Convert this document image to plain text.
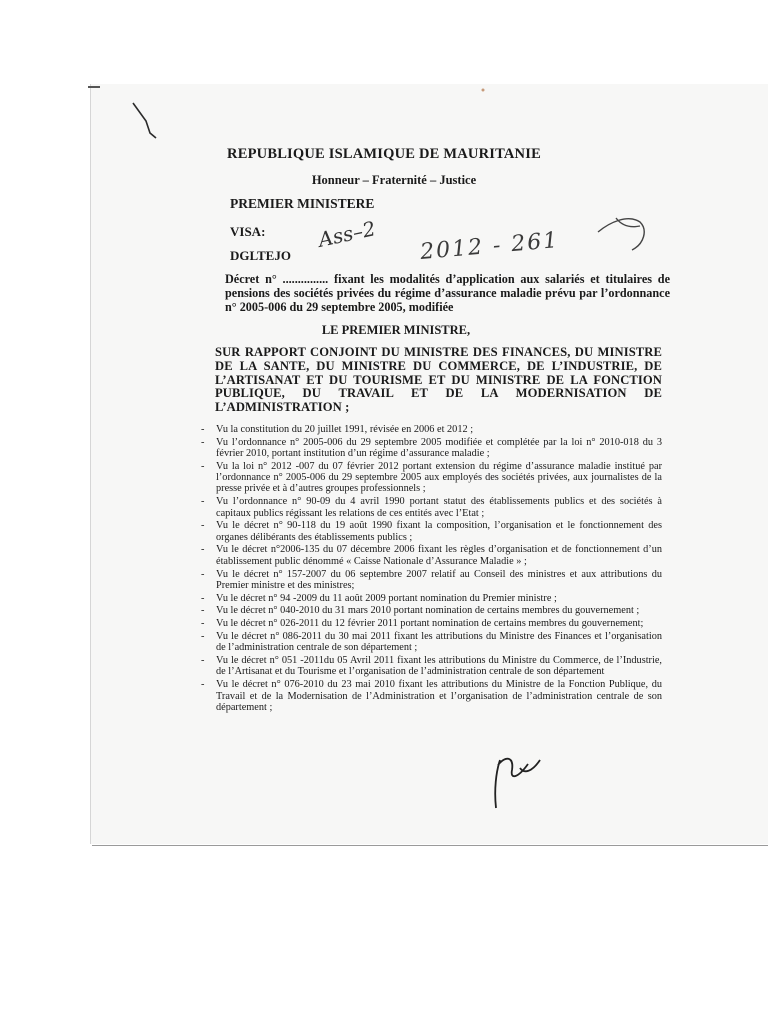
REPUBLIQUE ISLAMIQUE DE MAURITANIE
Honneur – Fraternité – Justice
PREMIER MINISTERE
VISA:
DGLTEJO
Ass–2 2012 - 261
Décret n° ............... fixant les modalités d’application aux salariés et titulaires de pensions des sociétés privées du régime d’assurance maladie prévu par l’ordonnance n° 2005-006 du 29 septembre 2005, modifiée
LE PREMIER MINISTRE,
SUR RAPPORT CONJOINT DU MINISTRE DES FINANCES, DU MINISTRE DE LA SANTE, DU MINISTRE DU COMMERCE, DE L’INDUSTRIE, DE L’ARTISANAT ET DU TOURISME ET DU MINISTRE DE LA FONCTION PUBLIQUE, DU TRAVAIL ET DE LA MODERNISATION DE L’ADMINISTRATION ;
- Vu la constitution du 20 juillet 1991, révisée en 2006 et 2012 ;
- Vu l’ordonnance n° 2005-006 du 29 septembre 2005 modifiée et complétée par la loi n° 2010-018 du 3 février 2010, portant institution d’un régime d’assurance maladie ;
- Vu la loi n° 2012 -007 du 07 février 2012 portant extension du régime d’assurance maladie institué par l’ordonnance n° 2005-006 du 29 septembre 2005 aux employés des sociétés privées, aux journalistes de la presse privée et à d’autres groupes professionnels ;
- Vu l’ordonnance n° 90-09 du 4 avril 1990 portant statut des établissements publics et des sociétés à capitaux publics régissant les relations de ces entités avec l’Etat ;
- Vu le décret n° 90-118 du 19 août 1990 fixant la composition, l’organisation et le fonctionnement des organes délibérants des établissements publics ;
- Vu le décret n°2006-135 du 07 décembre 2006 fixant les règles d’organisation et de fonctionnement d’un établissement public dénommé « Caisse Nationale d’Assurance Maladie » ;
- Vu le décret n° 157-2007 du 06 septembre 2007 relatif au Conseil des ministres et aux attributions du Premier ministre et des ministres;
- Vu le décret n° 94 -2009 du 11 août 2009 portant nomination du Premier ministre ;
- Vu le décret n° 040-2010 du 31 mars 2010 portant nomination de certains membres du gouvernement ;
- Vu le décret n° 026-2011 du 12 février 2011 portant nomination de certains membres du gouvernement;
- Vu le décret n° 086-2011 du 30 mai 2011 fixant les attributions du Ministre des Finances et l’organisation de l’administration centrale de son département ;
- Vu le décret n° 051 -2011du 05 Avril 2011 fixant les attributions du Ministre du Commerce, de l’Industrie, de l’Artisanat et du Tourisme et l’organisation de l’administration centrale de son département
- Vu le décret n° 076-2010 du 23 mai 2010 fixant les attributions du Ministre de la Fonction Publique, du Travail et de la Modernisation de l’Administration et l’organisation de l’administration centrale de son département ;
